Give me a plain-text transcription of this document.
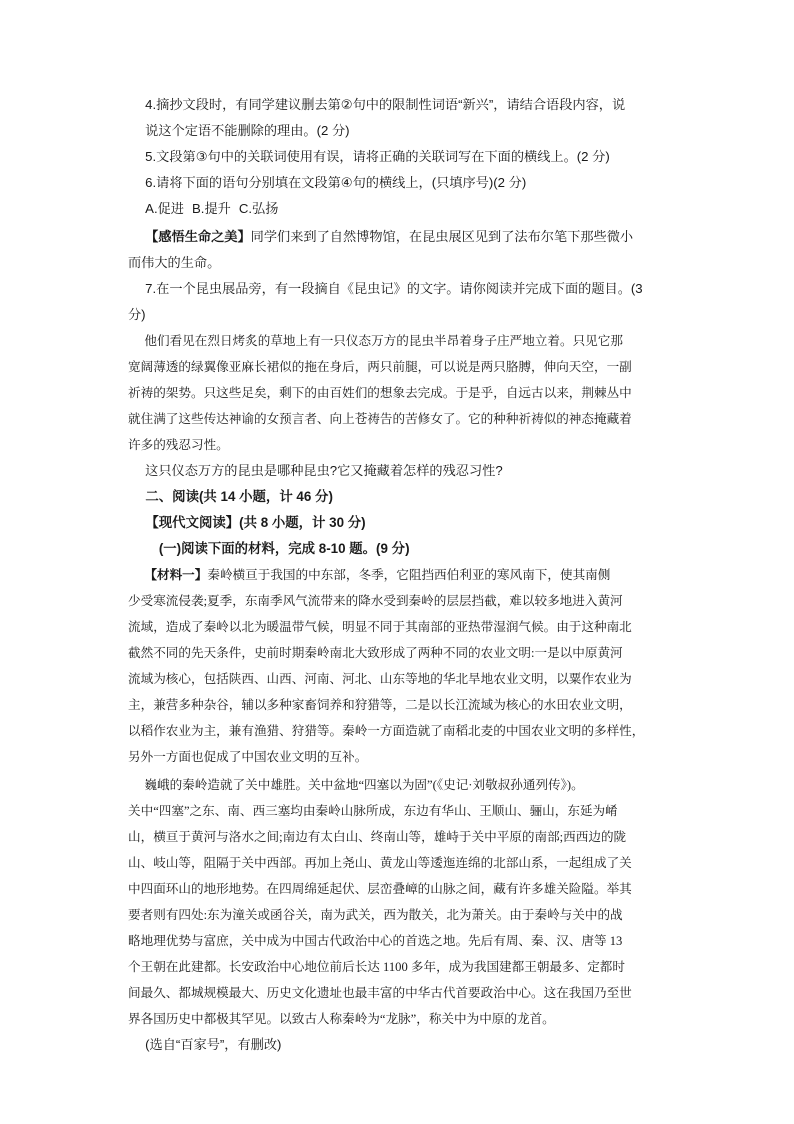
4.摘抄文段时，有同学建议删去第②句中的限制性词语“新兴”，请结合语段内容，说

说这个定语不能删除的理由。(2 分)

5.文段第③句中的关联词使用有误，请将正确的关联词写在下面的横线上。(2 分)

6.请将下面的语句分别填在文段第④句的横线上，(只填序号)(2 分)

A.促进 B.提升 C.弘扬

【感悟生命之美】同学们来到了自然博物馆，在昆虫展区见到了法布尔笔下那些微小

而伟大的生命。

7.在一个昆虫展品旁，有一段摘自《昆虫记》的文字。请你阅读并完成下面的题目。(3

分)

他们看见在烈日烤炙的草地上有一只仪态万方的昆虫半昂着身子庄严地立着。只见它那

宽阔薄透的绿翼像亚麻长裙似的拖在身后，两只前腿，可以说是两只胳膊，伸向天空，一副

祈祷的架势。只这些足矣，剩下的由百姓们的想象去完成。于是乎，自远古以来，荆棘丛中

就住满了这些传达神谕的女预言者、向上苍祷告的苦修女了。它的种种祈祷似的神态掩藏着

许多的残忍习性。

这只仪态万方的昆虫是哪种昆虫?它又掩藏着怎样的残忍习性?

二、阅读(共 14 小题，计 46 分)

【现代文阅读】(共 8 小题，计 30 分)

(一)阅读下面的材料，完成 8-10 题。(9 分)

【材料一】秦岭横亘于我国的中东部，冬季，它阻挡西伯利亚的寒风南下，使其南侧

少受寒流侵袭;夏季，东南季风气流带来的降水受到秦岭的层层挡截，难以较多地进入黄河

流域，造成了秦岭以北为暖温带气候，明显不同于其南部的亚热带湿润气候。由于这种南北

截然不同的先天条件，史前时期秦岭南北大致形成了两种不同的农业文明:一是以中原黄河

流域为核心，包括陕西、山西、河南、河北、山东等地的华北旱地农业文明，以粟作农业为

主，兼营多种杂谷，辅以多种家畜饲养和狩猎等，二是以长江流域为核心的水田农业文明，

以稻作农业为主，兼有渔猎、狩猎等。秦岭一方面造就了南稻北麦的中国农业文明的多样性，

另外一方面也促成了中国农业文明的互补。

巍峨的秦岭造就了关中雄胜。关中盆地“四塞以为固”(《史记·刘敬叔孙通列传》)。

关中“四塞”之东、南、西三塞均由秦岭山脉所成，东边有华山、王顺山、骊山，东延为崤

山，横亘于黄河与洛水之间;南边有太白山、终南山等，雄峙于关中平原的南部;西西边的陇

山、岐山等，阻隔于关中西部。再加上尧山、黄龙山等逶迤连绵的北部山系，一起组成了关

中四面环山的地形地势。在四周绵延起伏、层峦叠嶂的山脉之间，藏有许多雄关险隘。举其

要者则有四处:东为潼关或函谷关，南为武关，西为散关，北为萧关。由于秦岭与关中的战

略地理优势与富庶，关中成为中国古代政治中心的首选之地。先后有周、秦、汉、唐等 13

个王朝在此建都。长安政治中心地位前后长达 1100 多年，成为我国建都王朝最多、定都时

间最久、都城规模最大、历史文化遗址也最丰富的中华古代首要政治中心。这在我国乃至世

界各国历史中都极其罕见。以致古人称秦岭为“龙脉”，称关中为中原的龙首。

(选自“百家号”，有删改)
